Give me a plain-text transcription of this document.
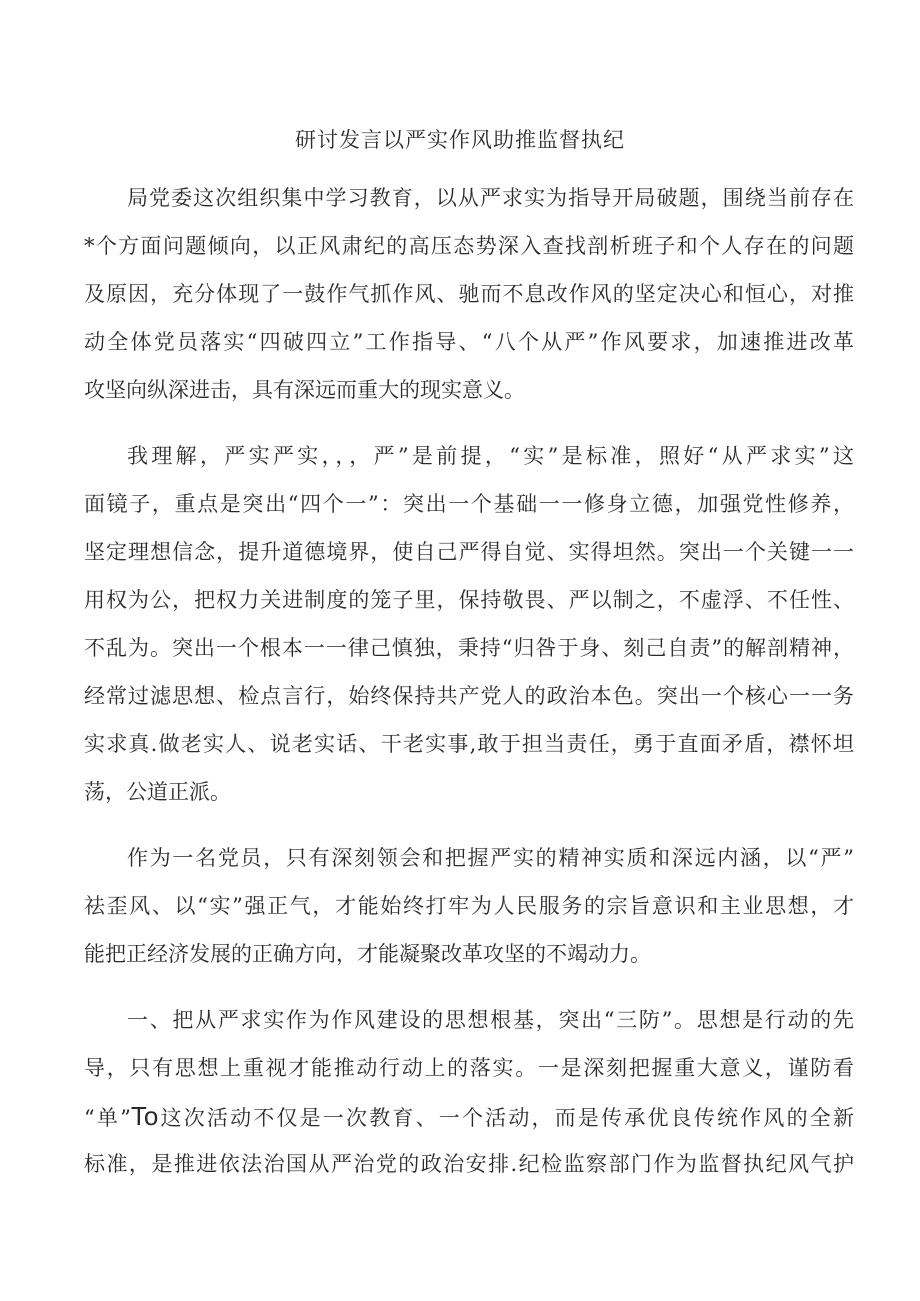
研讨发言以严实作风助推监督执纪

局党委这次组织集中学习教育，以从严求实为指导开局破题，围绕当前存在
*个方面问题倾向，以正风肃纪的高压态势深入查找剖析班子和个人存在的问题
及原因，充分体现了一鼓作气抓作风、驰而不息改作风的坚定决心和恒心，对推
动全体党员落实“四破四立”工作指导、“八个从严”作风要求，加速推进改革
攻坚向纵深进击，具有深远而重大的现实意义。

我理解，严实严实，，，严”是前提，“实”是标准，照好“从严求实”这
面镜子，重点是突出“四个一”：突出一个基础一一修身立德，加强党性修养，
坚定理想信念，提升道德境界，使自己严得自觉、实得坦然。突出一个关键一一
用权为公，把权力关进制度的笼子里，保持敬畏、严以制之，不虚浮、不任性、
不乱为。突出一个根本一一律己慎独，秉持“归咎于身、刻己自责”的解剖精神，
经常过滤思想、检点言行，始终保持共产党人的政治本色。突出一个核心一一务
实求真.做老实人、说老实话、干老实事,敢于担当责任，勇于直面矛盾，襟怀坦
荡，公道正派。

作为一名党员，只有深刻领会和把握严实的精神实质和深远内涵，以“严”
祛歪风、以“实”强正气，才能始终打牢为人民服务的宗旨意识和主业思想，才
能把正经济发展的正确方向，才能凝聚改革攻坚的不竭动力。

一、把从严求实作为作风建设的思想根基，突出“三防”。思想是行动的先
导，只有思想上重视才能推动行动上的落实。一是深刻把握重大意义，谨防看
“单”To这次活动不仅是一次教育、一个活动，而是传承优良传统作风的全新
标准，是推进依法治国从严治党的政治安排.纪检监察部门作为监督执纪风气护
